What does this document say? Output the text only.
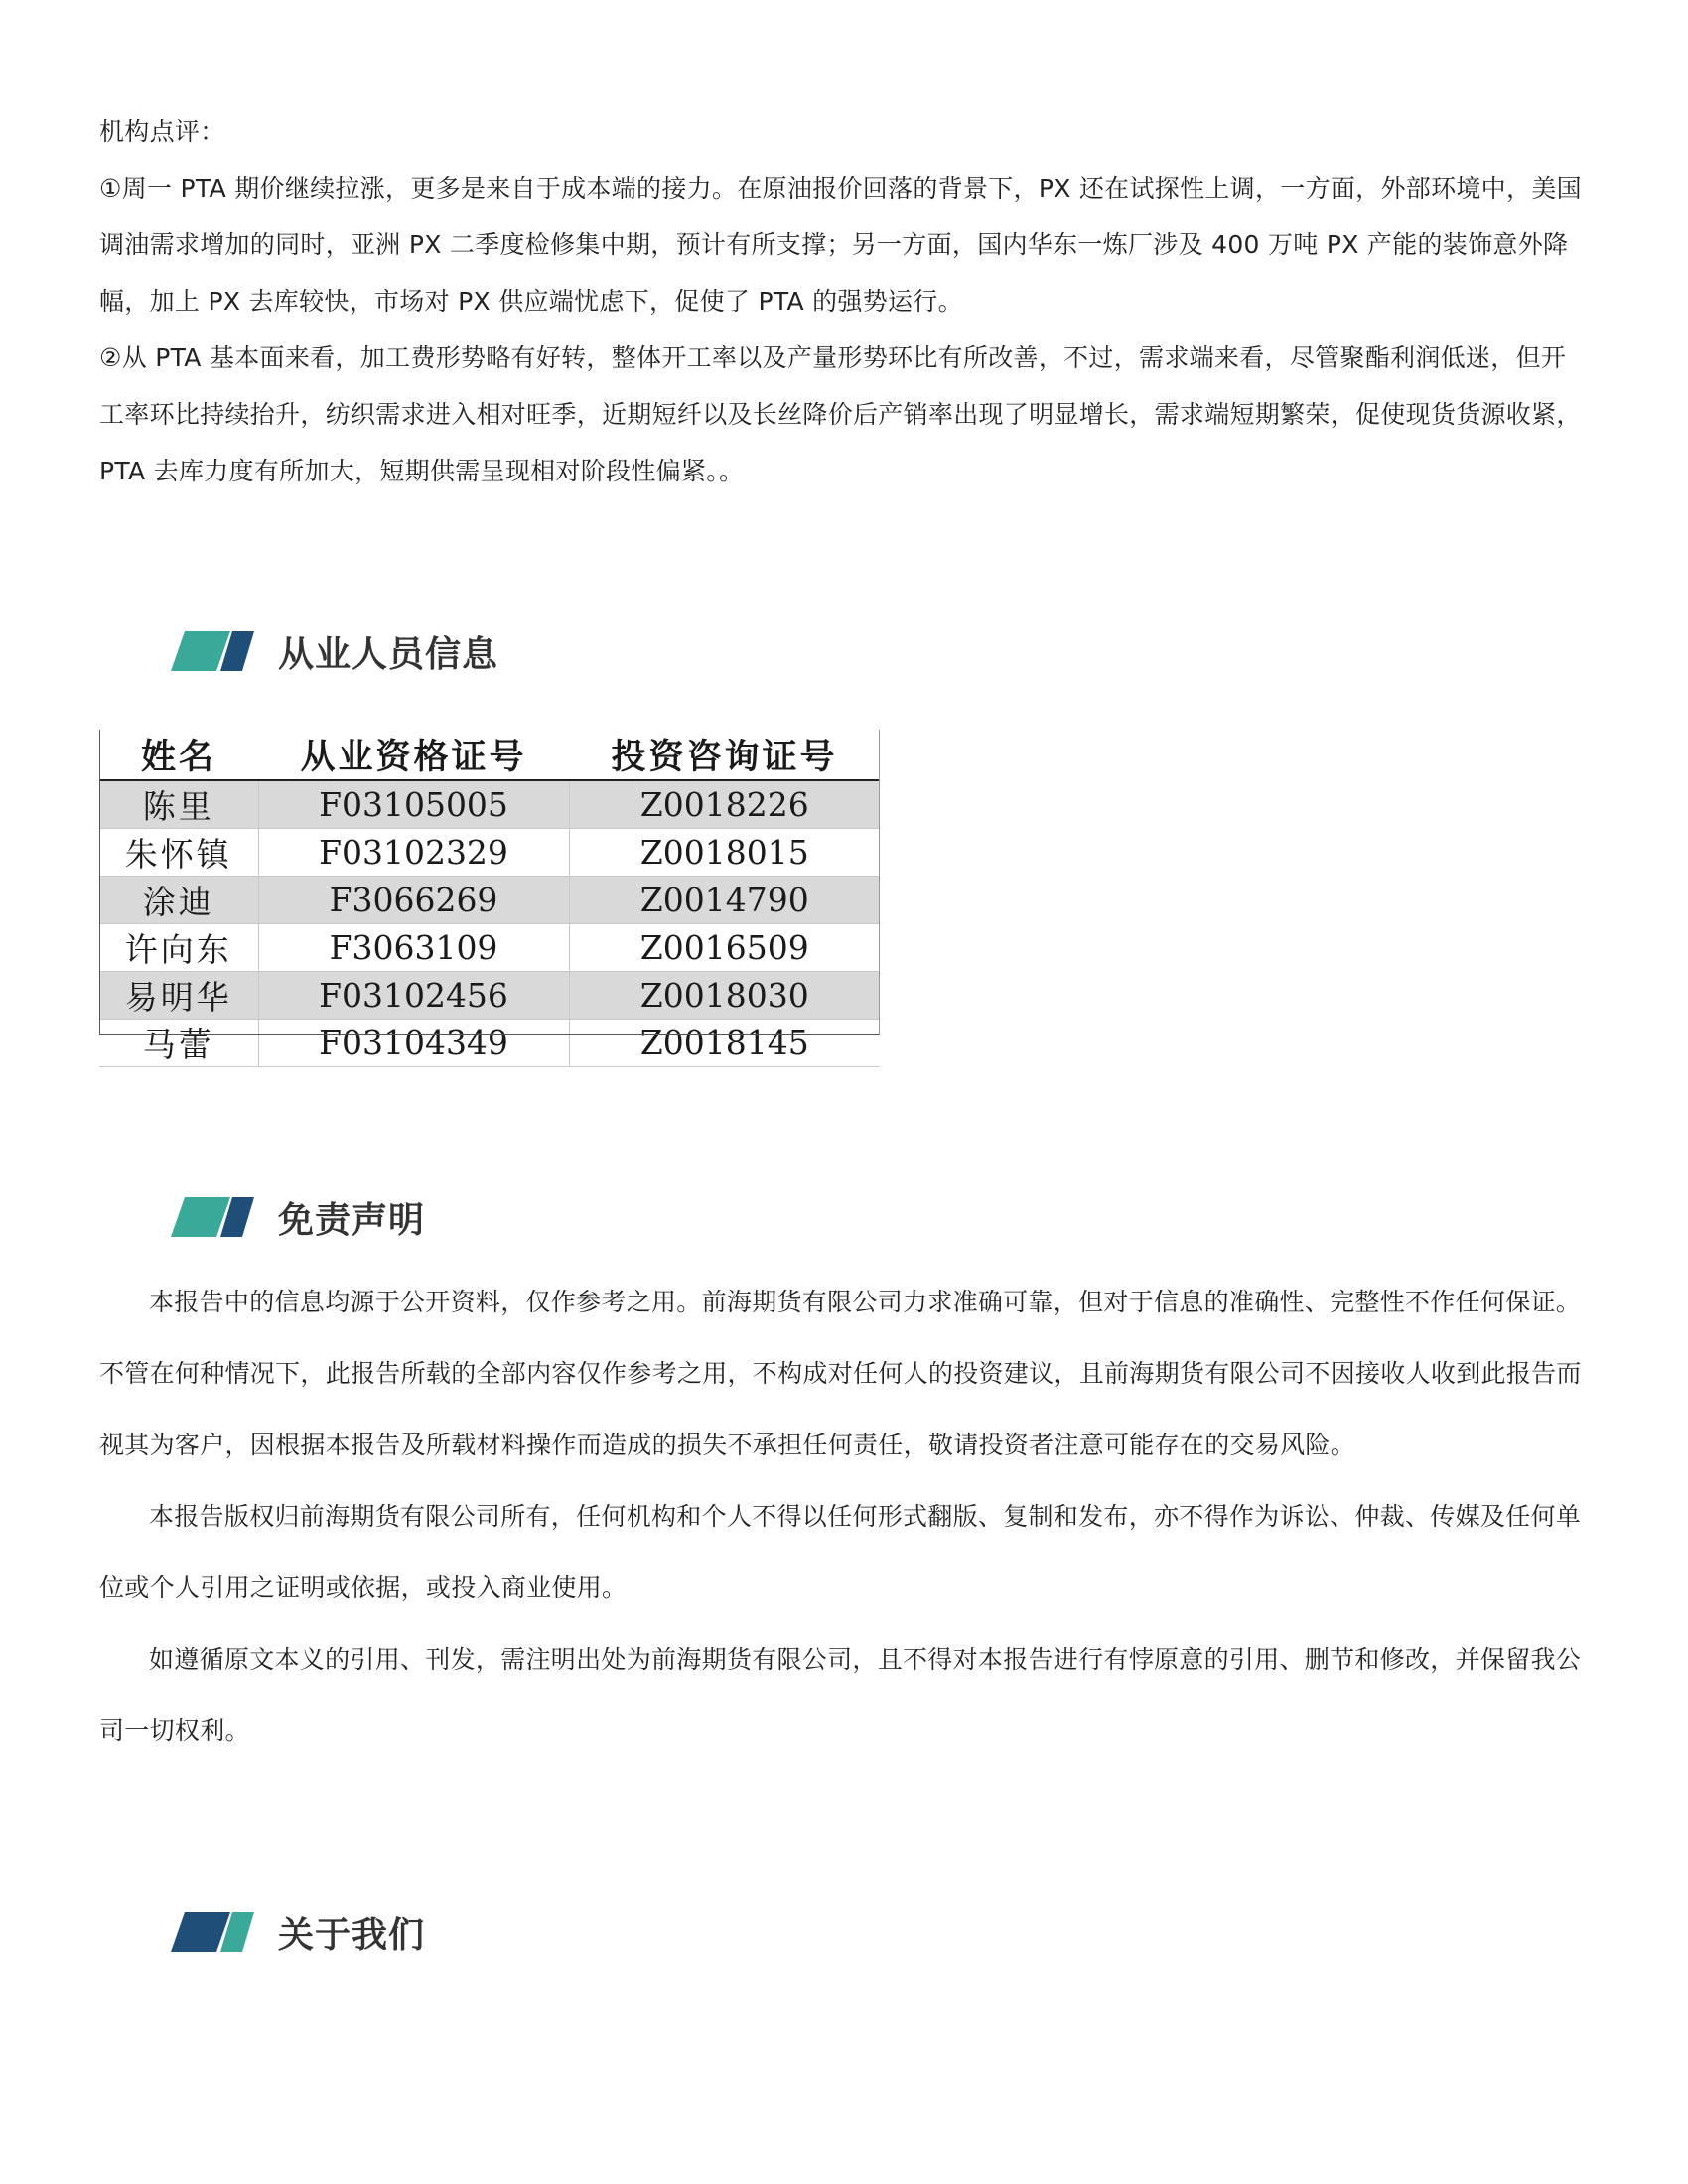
机构点评：

①周一 PTA 期价继续拉涨，更多是来自于成本端的接力。在原油报价回落的背景下，PX 还在试探性上调，一方面，外部环境中，美国调油需求增加的同时，亚洲 PX 二季度检修集中期，预计有所支撑；另一方面，国内华东一炼厂涉及 400 万吨 PX 产能的装饰意外降幅，加上 PX 去库较快，市场对 PX 供应端忧虑下，促使了 PTA 的强势运行。

②从 PTA 基本面来看，加工费形势略有好转，整体开工率以及产量形势环比有所改善，不过，需求端来看，尽管聚酯利润低迷，但开工率环比持续抬升，纺织需求进入相对旺季，近期短纤以及长丝降价后产销率出现了明显增长，需求端短期繁荣，促使现货货源收紧，PTA 去库力度有所加大，短期供需呈现相对阶段性偏紧。。

从业人员信息
姓名	从业资格证号	投资咨询证号
陈里	F03105005	Z0018226
朱怀镇	F03102329	Z0018015
涂迪	F3066269	Z0014790
许向东	F3063109	Z0016509
易明华	F03102456	Z0018030
马蕾	F03104349	Z0018145
免责声明

本报告中的信息均源于公开资料，仅作参考之用。前海期货有限公司力求准确可靠，但对于信息的准确性、完整性不作任何保证。不管在何种情况下，此报告所载的全部内容仅作参考之用，不构成对任何人的投资建议，且前海期货有限公司不因接收人收到此报告而视其为客户，因根据本报告及所载材料操作而造成的损失不承担任何责任，敬请投资者注意可能存在的交易风险。

本报告版权归前海期货有限公司所有，任何机构和个人不得以任何形式翻版、复制和发布，亦不得作为诉讼、仲裁、传媒及任何单位或个人引用之证明或依据，或投入商业使用。

如遵循原文本义的引用、刊发，需注明出处为前海期货有限公司，且不得对本报告进行有悖原意的引用、删节和修改，并保留我公司一切权利。

关于我们
